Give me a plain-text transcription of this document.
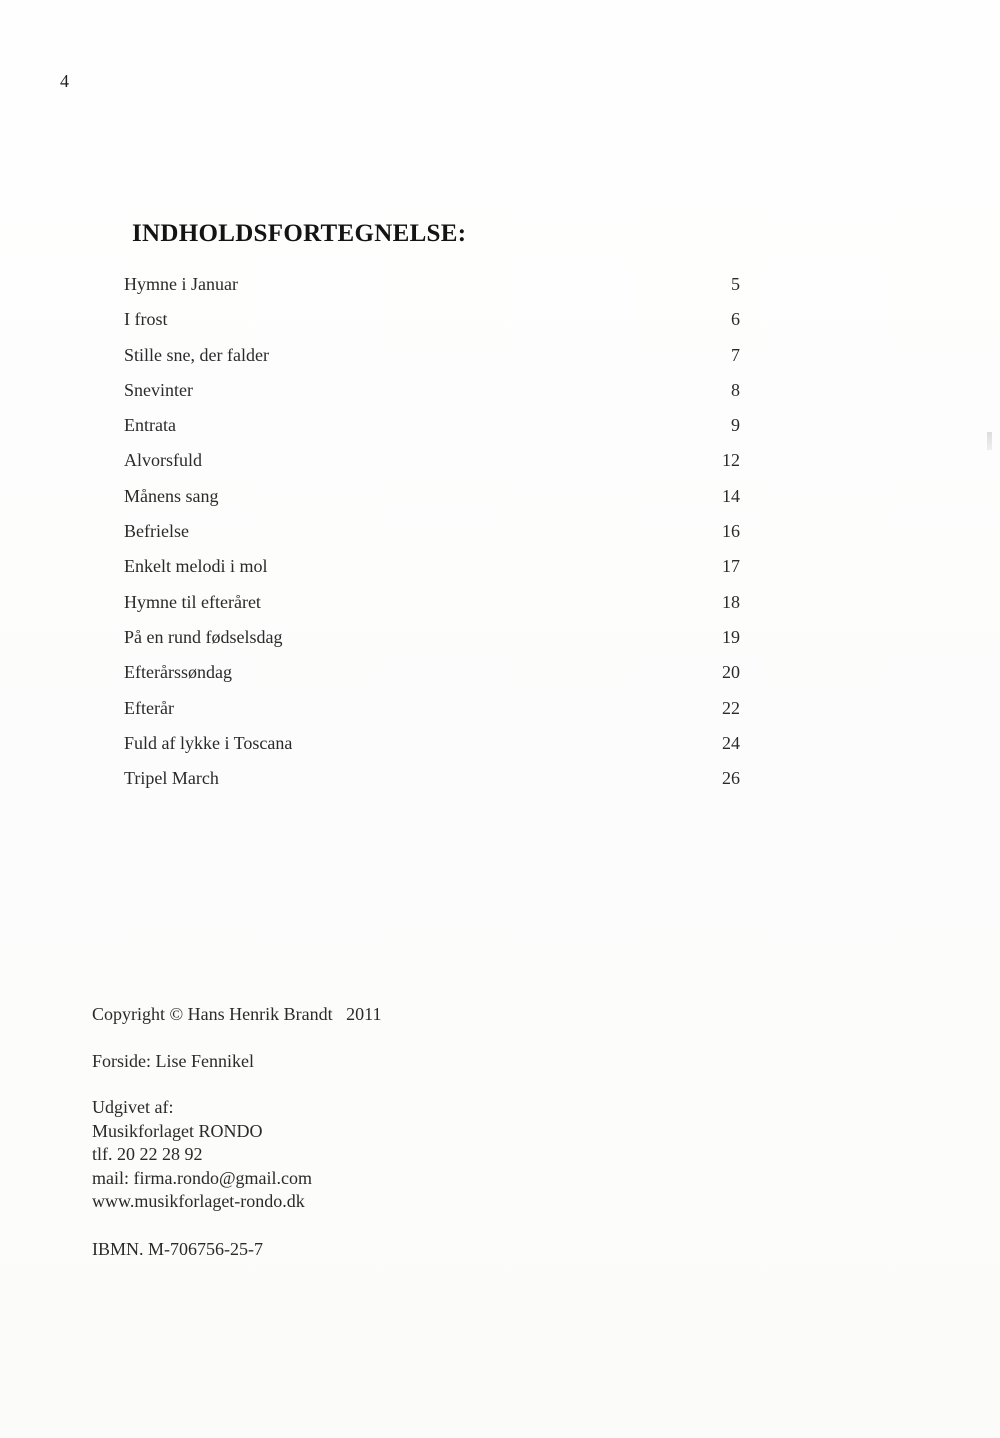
4
INDHOLDSFORTEGNELSE:
Hymne i Januar	5
I frost	6
Stille sne, der falder	7
Snevinter	8
Entrata	9
Alvorsfuld	12
Månens sang	14
Befrielse	16
Enkelt melodi i mol	17
Hymne til efteråret	18
På en rund fødselsdag	19
Efterårssøndag	20
Efterår	22
Fuld af lykke i Toscana	24
Tripel March	26
Copyright © Hans Henrik Brandt   2011
Forside: Lise Fennikel
Udgivet af:
Musikforlaget RONDO
tlf. 20 22 28 92
mail: firma.rondo@gmail.com
www.musikforlaget-rondo.dk
IBMN. M-706756-25-7
